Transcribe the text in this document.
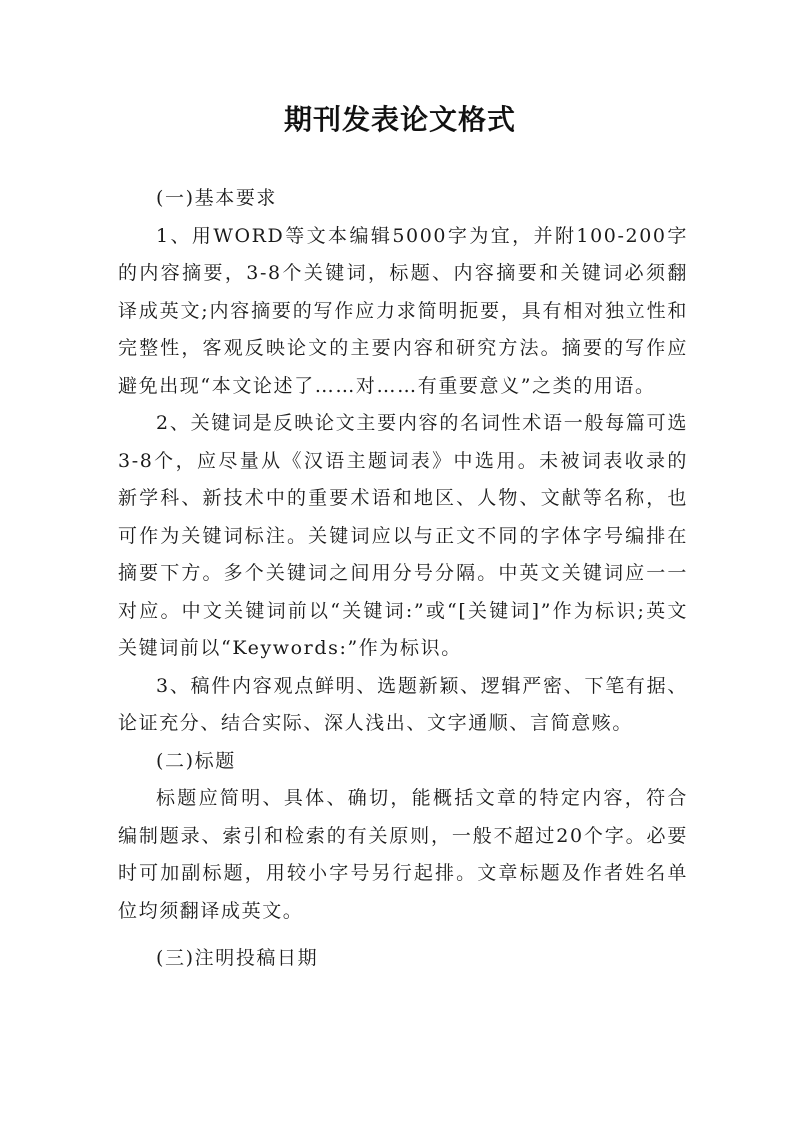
期刊发表论文格式

(一)基本要求

1、用WORD等文本编辑5000字为宜，并附100-200字的内容摘要，3-8个关键词，标题、内容摘要和关键词必须翻译成英文;内容摘要的写作应力求简明扼要，具有相对独立性和完整性，客观反映论文的主要内容和研究方法。摘要的写作应避免出现“本文论述了……对……有重要意义”之类的用语。

2、关键词是反映论文主要内容的名词性术语一般每篇可选3-8个，应尽量从《汉语主题词表》中选用。未被词表收录的新学科、新技术中的重要术语和地区、人物、文献等名称，也可作为关键词标注。关键词应以与正文不同的字体字号编排在摘要下方。多个关键词之间用分号分隔。中英文关键词应一一对应。中文关键词前以“关键词:”或“[关键词]”作为标识;英文关键词前以“Keywords:”作为标识。

3、稿件内容观点鲜明、选题新颖、逻辑严密、下笔有据、论证充分、结合实际、深人浅出、文字通顺、言简意赅。

(二)标题

标题应简明、具体、确切，能概括文章的特定内容，符合编制题录、索引和检索的有关原则，一般不超过20个字。必要时可加副标题，用较小字号另行起排。文章标题及作者姓名单位均须翻译成英文。

(三)注明投稿日期
